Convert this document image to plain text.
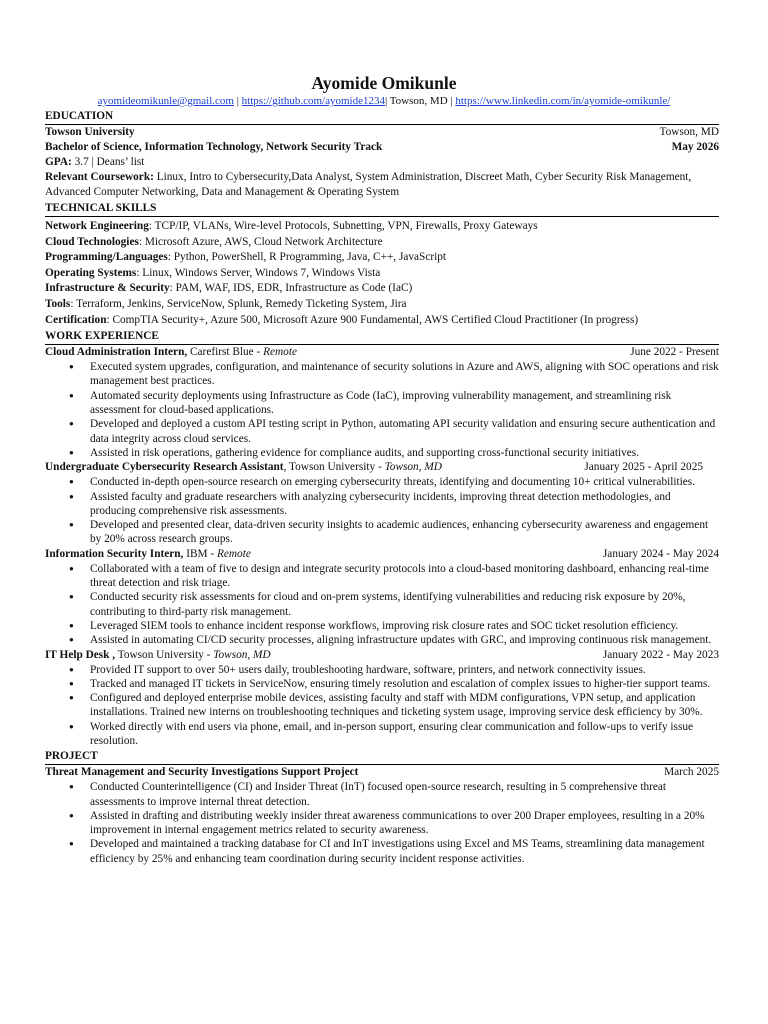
Ayomide Omikunle
ayomideomikunle@gmail.com | https://github.com/ayomide1234| Towson, MD | https://www.linkedin.com/in/ayomide-omikunle/
EDUCATION
Towson University	Towson, MD
Bachelor of Science, Information Technology, Network Security Track	May 2026
GPA: 3.7 | Deans’ list
Relevant Coursework: Linux, Intro to Cybersecurity,Data Analyst, System Administration, Discreet Math, Cyber Security Risk Management, Advanced Computer Networking, Data and Management & Operating System
TECHNICAL SKILLS
Network Engineering: TCP/IP, VLANs, Wire-level Protocols, Subnetting, VPN, Firewalls, Proxy Gateways
Cloud Technologies: Microsoft Azure, AWS, Cloud Network Architecture
Programming/Languages: Python, PowerShell, R Programming, Java, C++, JavaScript
Operating Systems: Linux, Windows Server, Windows 7, Windows Vista
Infrastructure & Security: PAM, WAF, IDS, EDR, Infrastructure as Code (IaC)
Tools: Terraform, Jenkins, ServiceNow, Splunk, Remedy Ticketing System, Jira
Certification: CompTIA Security+, Azure 500, Microsoft Azure 900 Fundamental, AWS Certified Cloud Practitioner (In progress)
WORK EXPERIENCE
Cloud Administration Intern, Carefirst Blue - Remote	June 2022 - Present
● Executed system upgrades, configuration, and maintenance of security solutions in Azure and AWS, aligning with SOC operations and risk management best practices.
● Automated security deployments using Infrastructure as Code (IaC), improving vulnerability management, and streamlining risk assessment for cloud-based applications.
● Developed and deployed a custom API testing script in Python, automating API security validation and ensuring secure authentication and data integrity across cloud services.
● Assisted in risk operations, gathering evidence for compliance audits, and supporting cross-functional security initiatives.
Undergraduate Cybersecurity Research Assistant, Towson University - Towson, MD	January 2025 - April 2025
● Conducted in-depth open-source research on emerging cybersecurity threats, identifying and documenting 10+ critical vulnerabilities.
● Assisted faculty and graduate researchers with analyzing cybersecurity incidents, improving threat detection methodologies, and producing comprehensive risk assessments.
● Developed and presented clear, data-driven security insights to academic audiences, enhancing cybersecurity awareness and engagement by 20% across research groups.
Information Security Intern, IBM - Remote	January 2024 - May 2024
● Collaborated with a team of five to design and integrate security protocols into a cloud-based monitoring dashboard, enhancing real-time threat detection and risk triage.
● Conducted security risk assessments for cloud and on-prem systems, identifying vulnerabilities and reducing risk exposure by 20%, contributing to third-party risk management.
● Leveraged SIEM tools to enhance incident response workflows, improving risk closure rates and SOC ticket resolution efficiency.
● Assisted in automating CI/CD security processes, aligning infrastructure updates with GRC, and improving continuous risk management.
IT Help Desk , Towson University - Towson, MD	January 2022 - May 2023
● Provided IT support to over 50+ users daily, troubleshooting hardware, software, printers, and network connectivity issues.
● Tracked and managed IT tickets in ServiceNow, ensuring timely resolution and escalation of complex issues to higher-tier support teams.
● Configured and deployed enterprise mobile devices, assisting faculty and staff with MDM configurations, VPN setup, and application installations. Trained new interns on troubleshooting techniques and ticketing system usage, improving service desk efficiency by 30%.
● Worked directly with end users via phone, email, and in-person support, ensuring clear communication and follow-ups to verify issue resolution.
PROJECT
Threat Management and Security Investigations Support Project	March 2025
● Conducted Counterintelligence (CI) and Insider Threat (InT) focused open-source research, resulting in 5 comprehensive threat assessments to improve internal threat detection.
● Assisted in drafting and distributing weekly insider threat awareness communications to over 200 Draper employees, resulting in a 20% improvement in internal engagement metrics related to security awareness.
● Developed and maintained a tracking database for CI and InT investigations using Excel and MS Teams, streamlining data management efficiency by 25% and enhancing team coordination during security incident response activities.
